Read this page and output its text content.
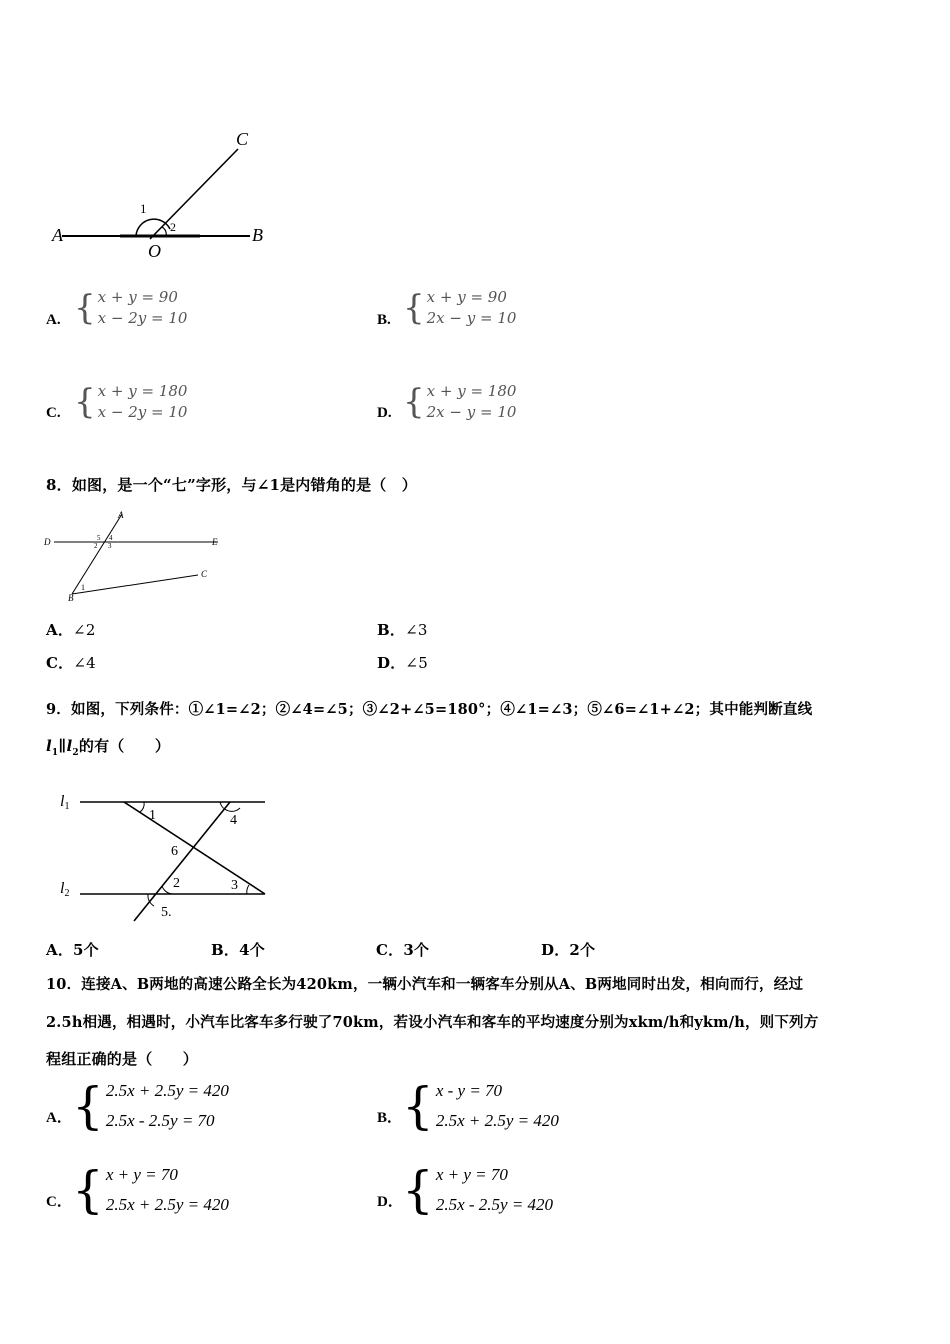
A	B
C
O
1
2
A. { x + y = 90
x − 2y = 10	B. { x + y = 90
2x − y = 10
C. { x + y = 180
x − 2y = 10	D. { x + y = 180
2x − y = 10
8．如图，是一个“七”字形，与∠1是内错角的是（　）
A
D	E
C
B
5 4
2 3
1
A．∠2	B．∠3
C．∠4	D．∠5
9．如图，下列条件：①∠1=∠2；②∠4=∠5；③∠2+∠5=180°；④∠1=∠3；⑤∠6=∠1+∠2；其中能判断直线
$l_1\parallel l_2$的有（　　）
l1
l2
1	4
6
2	3
5.
A．5个	B．4个	C．3个	D．2个
10．连接A、B两地的高速公路全长为420km，一辆小汽车和一辆客车分别从A、B两地同时出发，相向而行，经过
2.5h相遇，相遇时，小汽车比客车多行驶了70km，若设小汽车和客车的平均速度分别为xkm/h和ykm/h，则下列方
程组正确的是（　　）
A． { 2.5x + 2.5y = 420
2.5x - 2.5y = 70	B． { x - y = 70
2.5x + 2.5y = 420
C． { x + y = 70
2.5x + 2.5y = 420	D． { x + y = 70
2.5x - 2.5y = 420
